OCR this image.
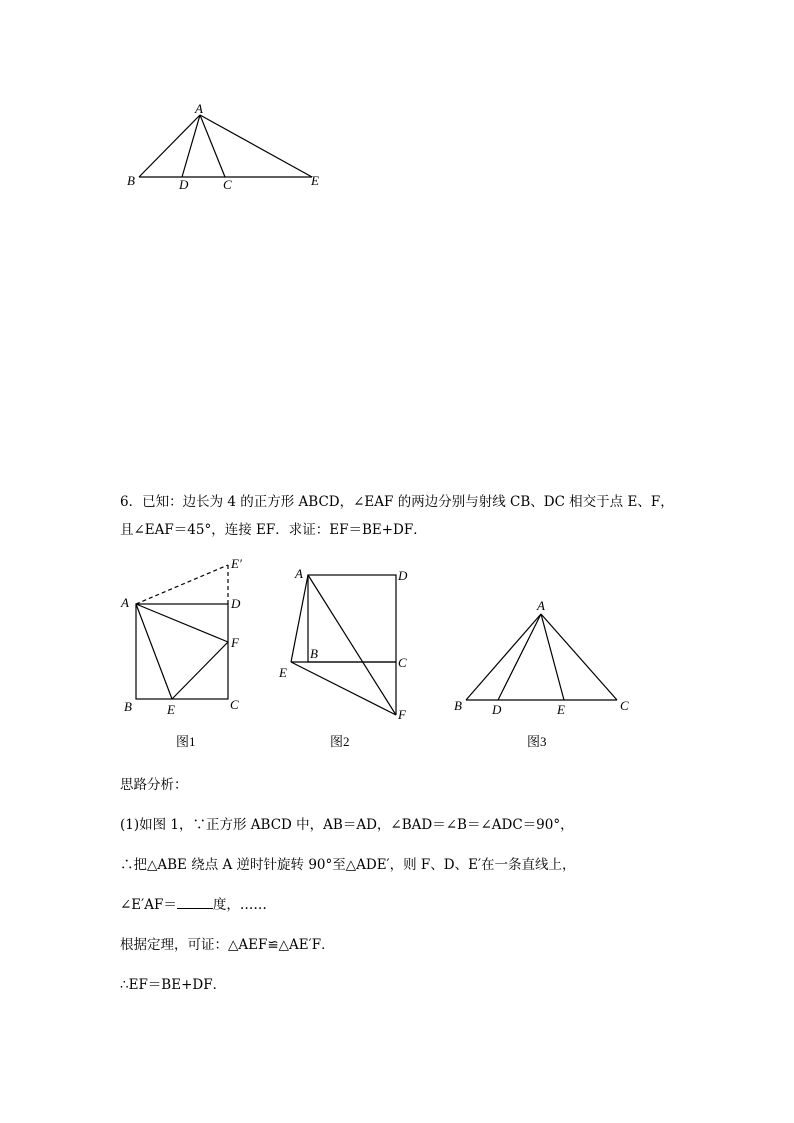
A
B	D	C	E
A	D
E′
F
B	E	C
图1
A	D
B
C
E
F
图2
A
B D	E	C
图3
6．已知：边长为 4 的正方形 ABCD，∠EAF 的两边分别与射线 CB、DC 相交于点 E、F，
且∠EAF＝45°，连接 EF．求证：EF＝BE+DF．
思路分析：
(1)如图 1，∵正方形 ABCD 中，AB＝AD，∠BAD＝∠B＝∠ADC＝90°，
∴把△ABE 绕点 A 逆时针旋转 90°至△ADE′，则 F、D、E′在一条直线上，
∠E′AF＝	度，……
根据定理，可证：△AEF≌△AE′F．
∴EF＝BE+DF．
